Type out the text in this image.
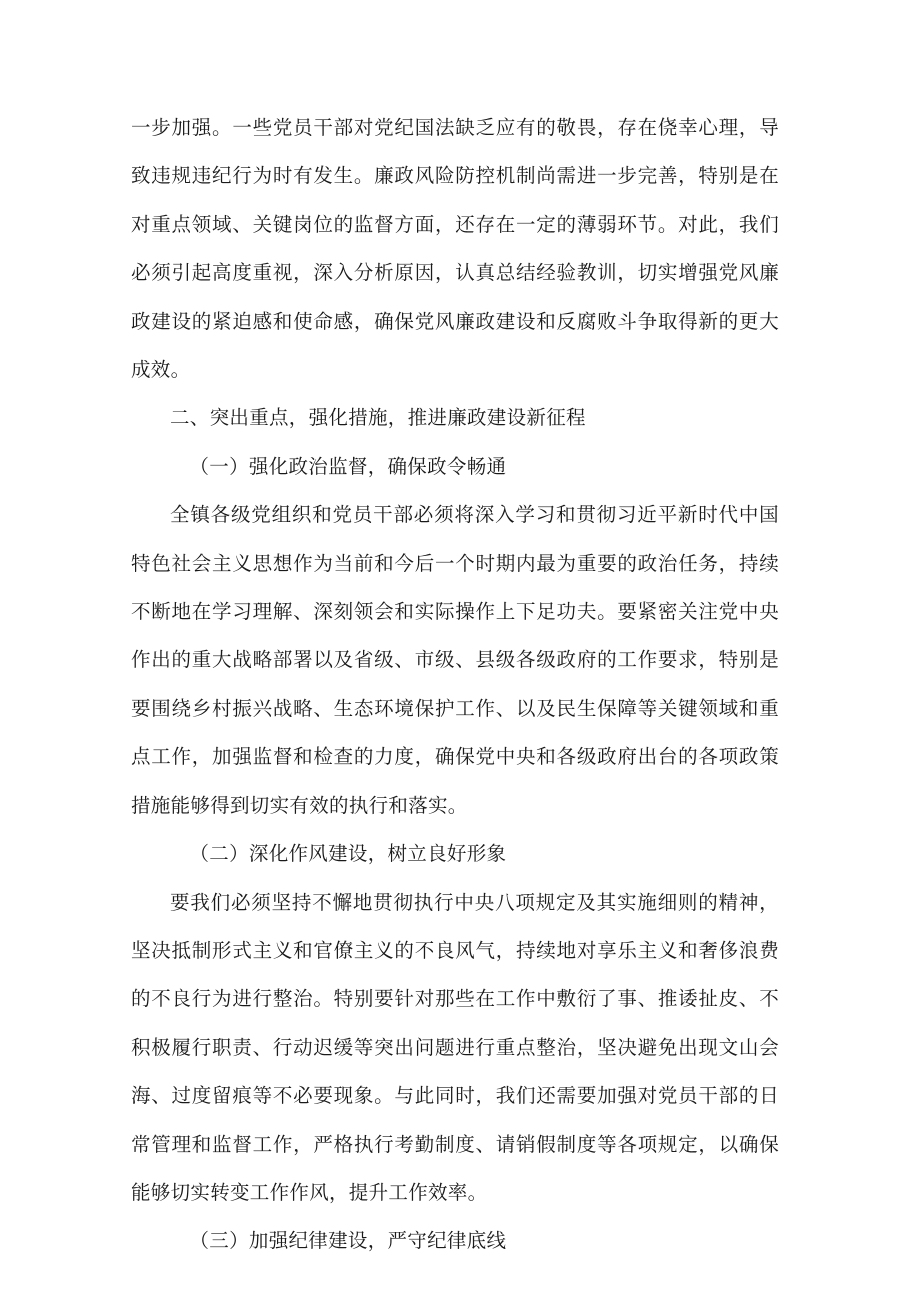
一步加强。一些党员干部对党纪国法缺乏应有的敬畏，存在侥幸心理，导致违规违纪行为时有发生。廉政风险防控机制尚需进一步完善，特别是在对重点领域、关键岗位的监督方面，还存在一定的薄弱环节。对此，我们必须引起高度重视，深入分析原因，认真总结经验教训，切实增强党风廉政建设的紧迫感和使命感，确保党风廉政建设和反腐败斗争取得新的更大成效。

二、突出重点，强化措施，推进廉政建设新征程

（一）强化政治监督，确保政令畅通

全镇各级党组织和党员干部必须将深入学习和贯彻习近平新时代中国特色社会主义思想作为当前和今后一个时期内最为重要的政治任务，持续不断地在学习理解、深刻领会和实际操作上下足功夫。要紧密关注党中央作出的重大战略部署以及省级、市级、县级各级政府的工作要求，特别是要围绕乡村振兴战略、生态环境保护工作、以及民生保障等关键领域和重点工作，加强监督和检查的力度，确保党中央和各级政府出台的各项政策措施能够得到切实有效的执行和落实。

（二）深化作风建设，树立良好形象

要我们必须坚持不懈地贯彻执行中央八项规定及其实施细则的精神，坚决抵制形式主义和官僚主义的不良风气，持续地对享乐主义和奢侈浪费的不良行为进行整治。特别要针对那些在工作中敷衍了事、推诿扯皮、不积极履行职责、行动迟缓等突出问题进行重点整治，坚决避免出现文山会海、过度留痕等不必要现象。与此同时，我们还需要加强对党员干部的日常管理和监督工作，严格执行考勤制度、请销假制度等各项规定，以确保能够切实转变工作作风，提升工作效率。

（三）加强纪律建设，严守纪律底线
